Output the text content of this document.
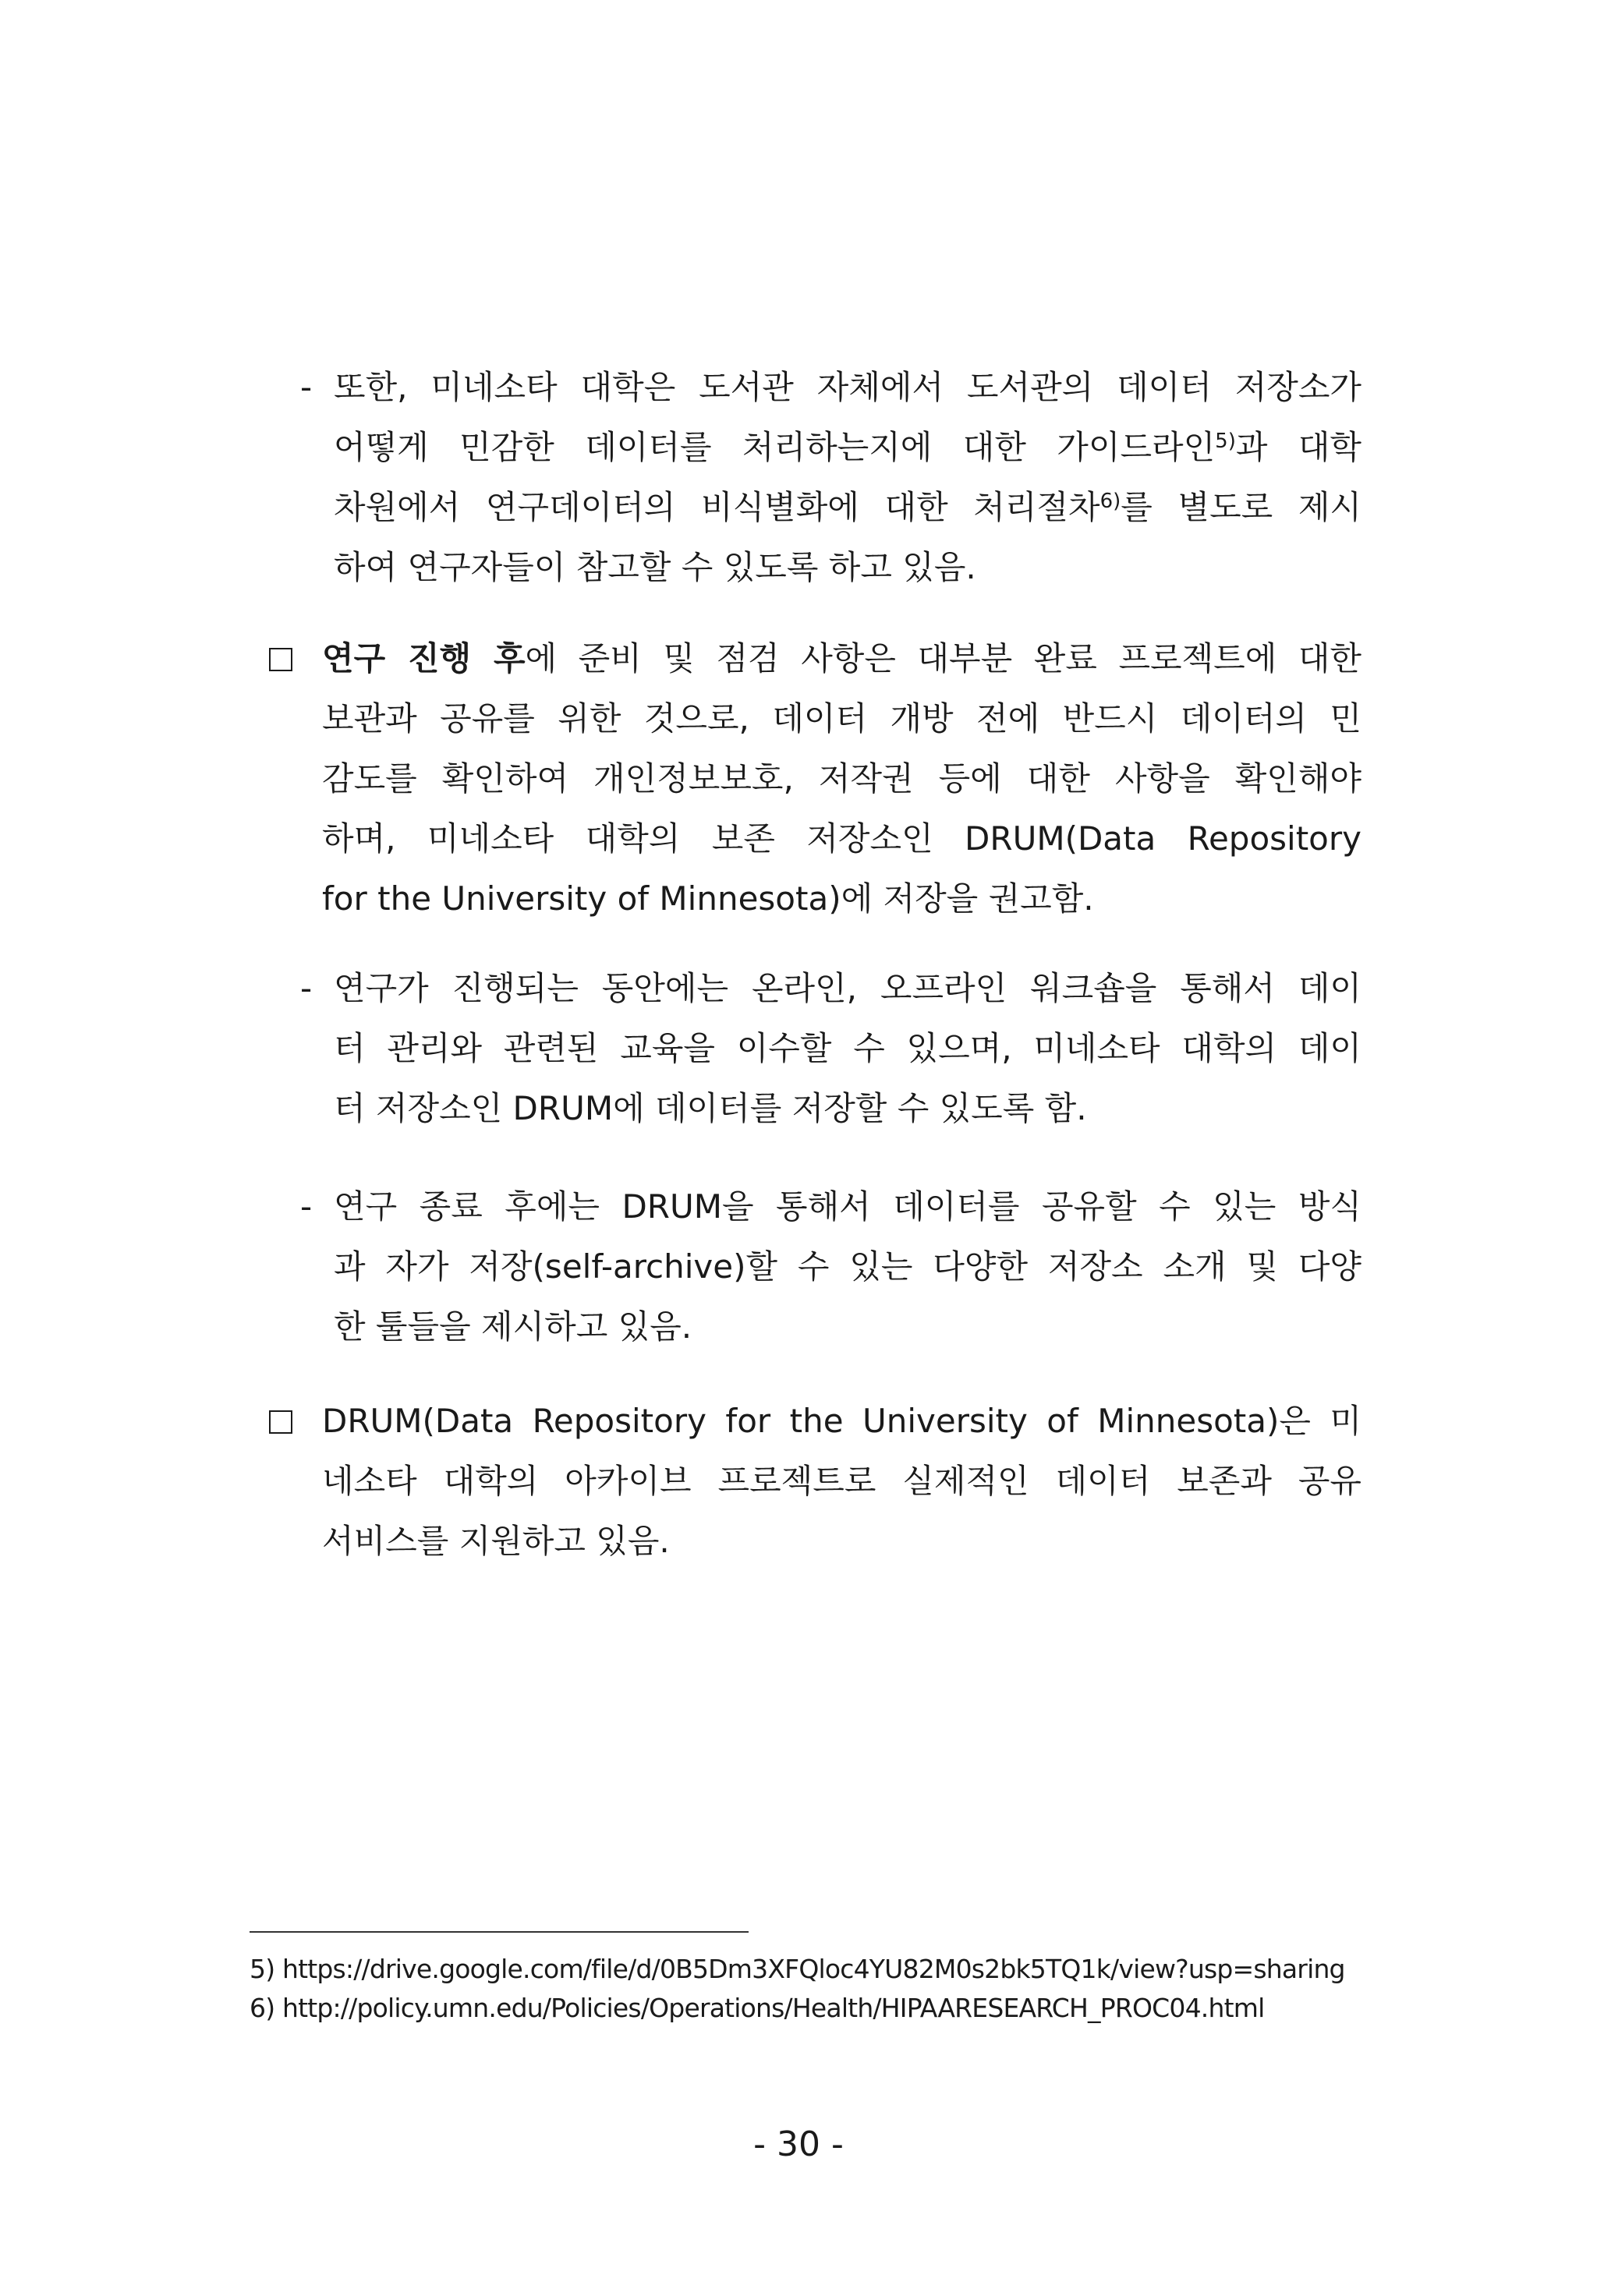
- 또한, 미네소타 대학은 도서관 자체에서 도서관의 데이터 저장소가
어떻게 민감한 데이터를 처리하는지에 대한 가이드라인$^{5)}$과 대학
차원에서 연구데이터의 비식별화에 대한 처리절차$^{6)}$를 별도로 제시
하여 연구자들이 참고할 수 있도록 하고 있음.
연구 진행 후에 준비 및 점검 사항은 대부분 완료 프로젝트에 대한
보관과 공유를 위한 것으로, 데이터 개방 전에 반드시 데이터의 민
감도를 확인하여 개인정보보호, 저작권 등에 대한 사항을 확인해야
하며, 미네소타 대학의 보존 저장소인 DRUM(Data Repository
for the University of Minnesota)에 저장을 권고함.
- 연구가 진행되는 동안에는 온라인, 오프라인 워크숍을 통해서 데이
터 관리와 관련된 교육을 이수할 수 있으며, 미네소타 대학의 데이
터 저장소인 DRUM에 데이터를 저장할 수 있도록 함.
- 연구 종료 후에는 DRUM을 통해서 데이터를 공유할 수 있는 방식
과 자가 저장(self-archive)할 수 있는 다양한 저장소 소개 및 다양
한 툴들을 제시하고 있음.
DRUM(Data Repository for the University of Minnesota)은 미
네소타 대학의 아카이브 프로젝트로 실제적인 데이터 보존과 공유
서비스를 지원하고 있음.
5) https://drive.google.com/file/d/0B5Dm3XFQloc4YU82M0s2bk5TQ1k/view?usp=sharing
6) http://policy.umn.edu/Policies/Operations/Health/HIPAARESEARCH_PROC04.html
- 30 -
